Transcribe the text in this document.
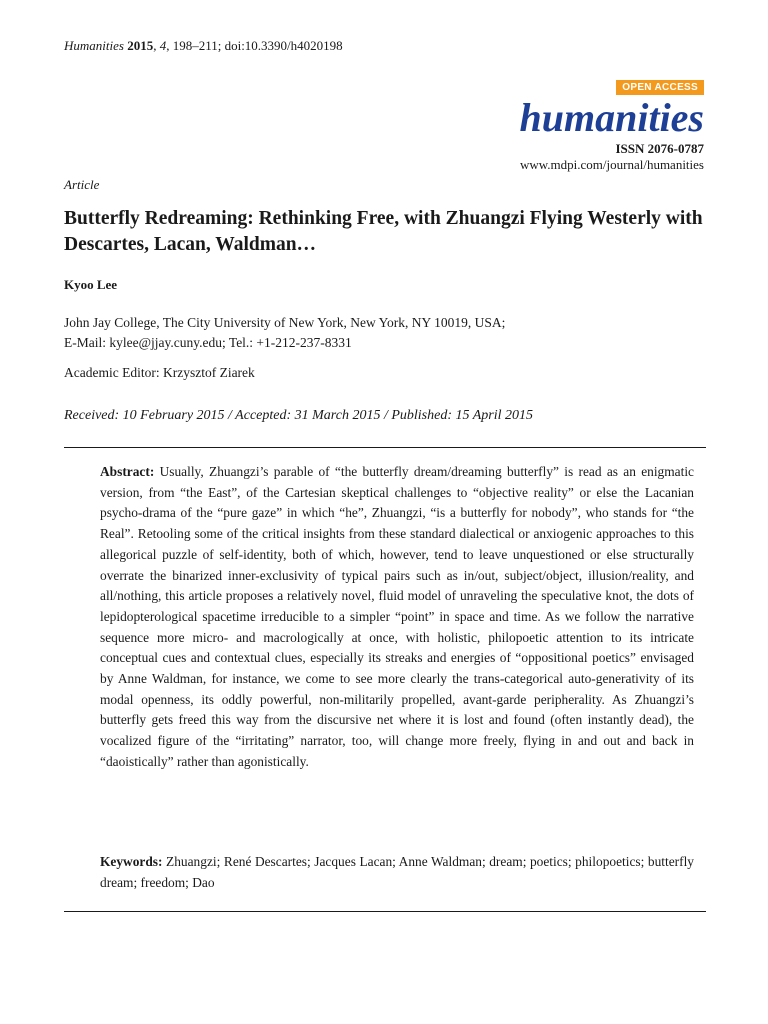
Humanities 2015, 4, 198–211; doi:10.3390/h4020198
OPEN ACCESS
humanities
ISSN 2076-0787
www.mdpi.com/journal/humanities
Article
Butterfly Redreaming: Rethinking Free, with Zhuangzi Flying Westerly with Descartes, Lacan, Waldman…
Kyoo Lee
John Jay College, The City University of New York, New York, NY 10019, USA;
E-Mail: kylee@jjay.cuny.edu; Tel.: +1-212-237-8331
Academic Editor: Krzysztof Ziarek
Received: 10 February 2015 / Accepted: 31 March 2015 / Published: 15 April 2015
Abstract: Usually, Zhuangzi’s parable of “the butterfly dream/dreaming butterfly” is read as an enigmatic version, from “the East”, of the Cartesian skeptical challenges to “objective reality” or else the Lacanian psycho-drama of the “pure gaze” in which “he”, Zhuangzi, “is a butterfly for nobody”, who stands for “the Real”. Retooling some of the critical insights from these standard dialectical or anxiogenic approaches to this allegorical puzzle of self-identity, both of which, however, tend to leave unquestioned or else structurally overrate the binarized inner-exclusivity of typical pairs such as in/out, subject/object, illusion/reality, and all/nothing, this article proposes a relatively novel, fluid model of unraveling the speculative knot, the dots of lepidopterological spacetime irreducible to a simpler “point” in space and time. As we follow the narrative sequence more micro- and macrologically at once, with holistic, philopoetic attention to its intricate conceptual cues and contextual clues, especially its streaks and energies of “oppositional poetics” envisaged by Anne Waldman, for instance, we come to see more clearly the trans-categorical auto-generativity of its modal openness, its oddly powerful, non-militarily propelled, avant-garde peripherality. As Zhuangzi’s butterfly gets freed this way from the discursive net where it is lost and found (often instantly dead), the vocalized figure of the “irritating” narrator, too, will change more freely, flying in and out and back in “daoistically” rather than agonistically.
Keywords: Zhuangzi; René Descartes; Jacques Lacan; Anne Waldman; dream; poetics; philopoetics; butterfly dream; freedom; Dao
